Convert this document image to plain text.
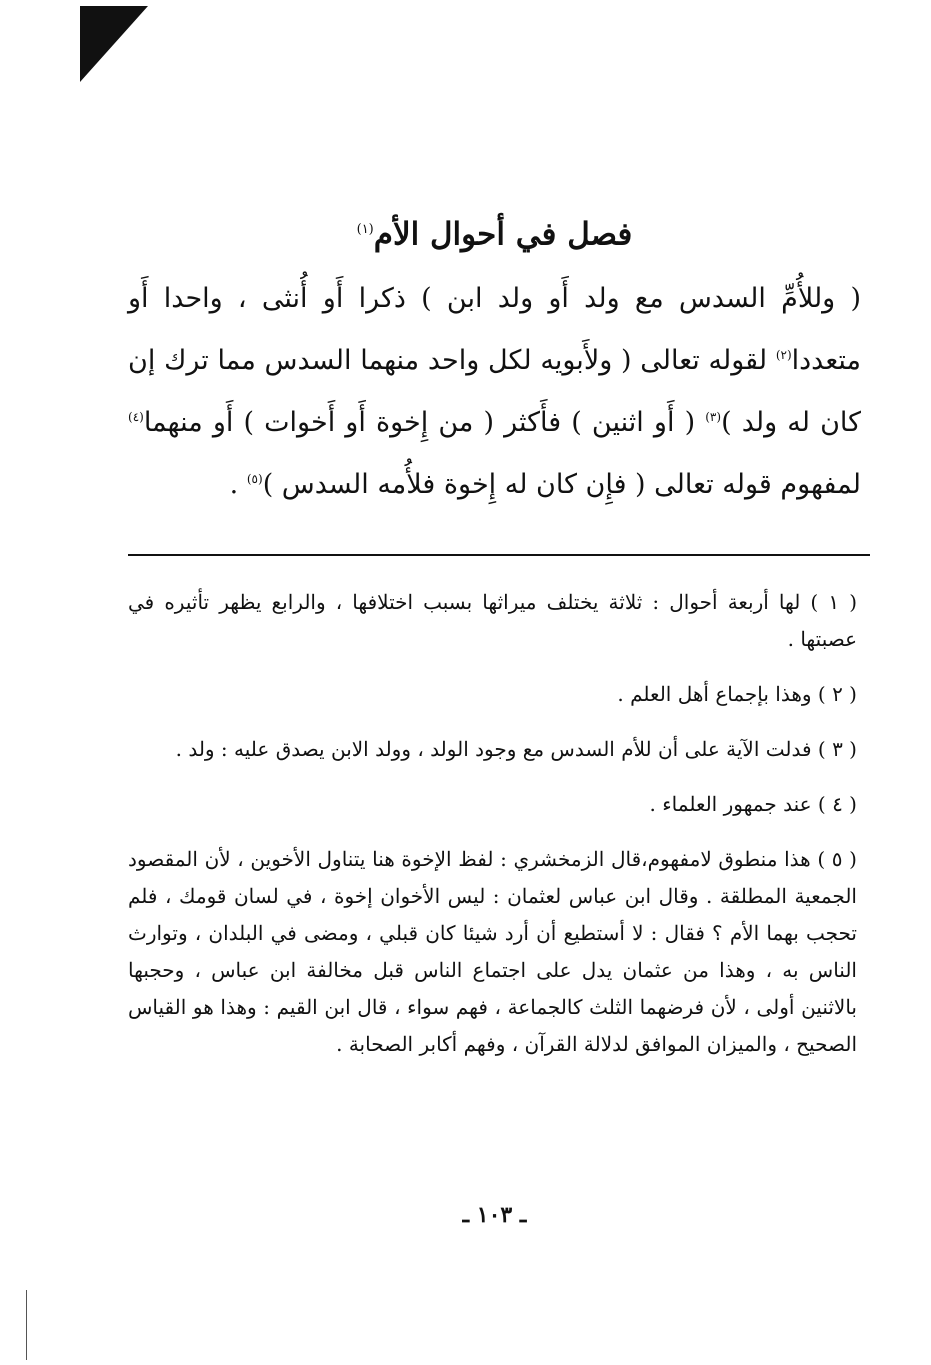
فصل في أحوال الأم$^{(١)}$

( وللأُمِّ السدس مع ولد أَو ولد ابن ) ذكرا أَو أُنثى ، واحدا أَو متعددا$^{(٢)}$ لقوله تعالى ( ولأَبويه لكل واحد منهما السدس مما ترك إن كان له ولد )$^{(٣)}$ ( أَو اثنين ) فأَكثر ( من إِخوة أَو أَخوات ) أَو منهما$^{(٤)}$ لمفهوم قوله تعالى ( فإِن كان له إِخوة فلأُمه السدس )$^{(٥)}$ .

( ١ ) لها أربعة أحوال : ثلاثة يختلف ميراثها بسبب اختلافها ، والرابع يظهر تأثيره في عصبتها .

( ٢ ) وهذا بإجماع أهل العلم .

( ٣ ) فدلت الآية على أن للأم السدس مع وجود الولد ، وولد الابن يصدق عليه : ولد .

( ٤ ) عند جمهور العلماء .

( ٥ ) هذا منطوق لامفهوم،قال الزمخشري : لفظ الإخوة هنا يتناول الأخوين ، لأن المقصود الجمعية المطلقة . وقال ابن عباس لعثمان : ليس الأخوان إخوة ، في لسان قومك ، فلم تحجب بهما الأم ؟ فقال : لا أستطيع أن أرد شيئا كان قبلي ، ومضى في البلدان ، وتوارث الناس به ، وهذا من عثمان يدل على اجتماع الناس قبل مخالفة ابن عباس ، وحجبها بالاثنين أولى ، لأن فرضهما الثلث كالجماعة ، فهم سواء ، قال ابن القيم : وهذا هو القياس الصحيح ، والميزان الموافق لدلالة القرآن ، وفهم أكابر الصحابة .

ـ ١٠٣ ـ
